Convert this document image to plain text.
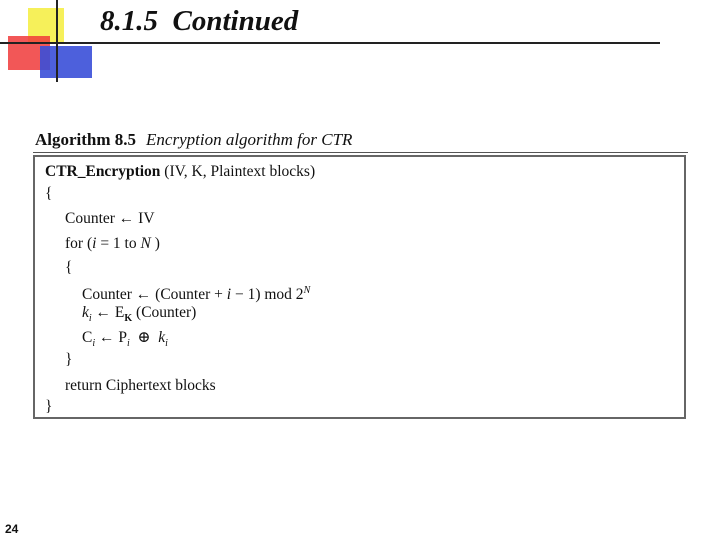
8.1.5  Continued
Algorithm 8.5 Encryption algorithm for CTR
CTR_Encryption (IV, K, Plaintext blocks)
{
Counter ← IV
for (i = 1 to N )
{
Counter ← (Counter + i − 1) mod $2^N$
$k_i$ ← $E_K$ (Counter)
$C_i$ ← $P_i$  ⊕  $k_i$
}
return Ciphertext blocks
}
24
